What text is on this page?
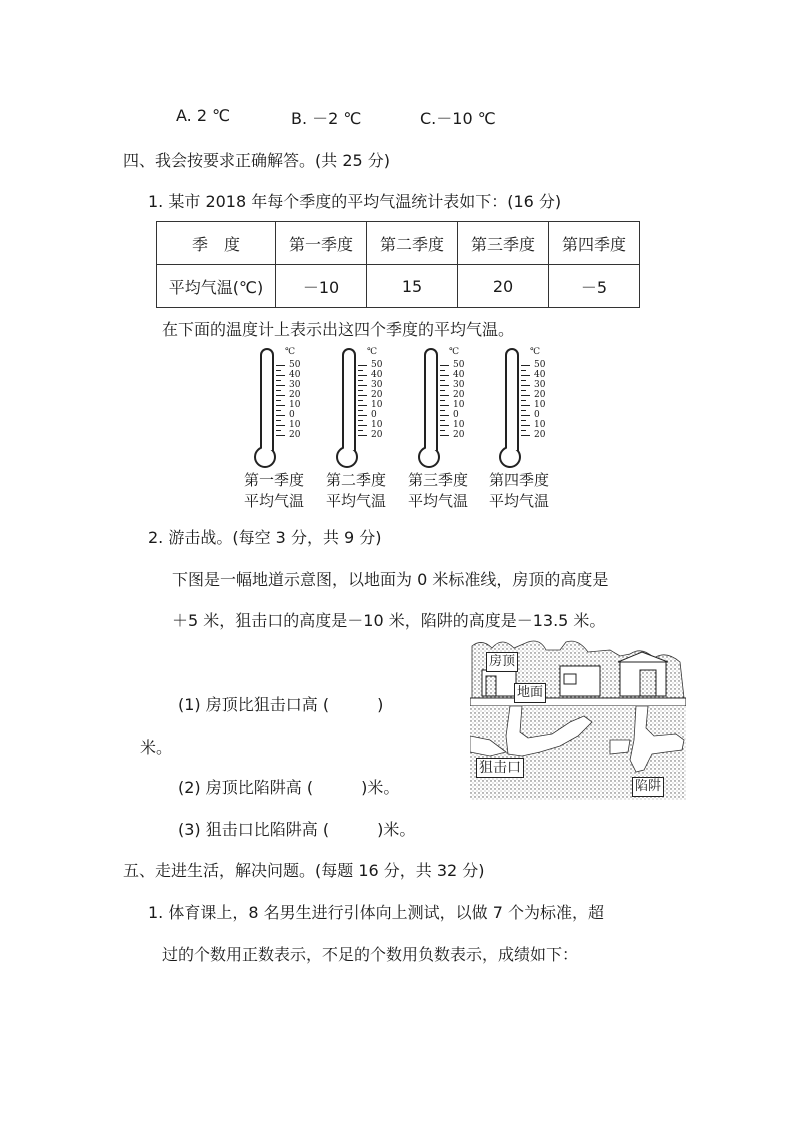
A. 2 ℃	B. －2 ℃	C.－10 ℃
四、我会按要求正确解答。(共 25 分)
1. 某市 2018 年每个季度的平均气温统计表如下：(16 分)
季　度	第一季度	第二季度	第三季度	第四季度
平均气温(℃)	－10	15	20	－5
在下面的温度计上表示出这四个季度的平均气温。
℃
50
40
30
20
10
0
10
20
℃
50
40
30
20
10
0
10
20
℃
50
40
30
20
10
0
10
20
℃
50
40
30
20
10
0
10
20
第一季度
平均气温
第二季度
平均气温
第三季度
平均气温
第四季度
平均气温
2. 游击战。(每空 3 分，共 9 分)
下图是一幅地道示意图，以地面为 0 米标准线，房顶的高度是
＋5 米，狙击口的高度是－10 米，陷阱的高度是－13.5 米。
(1) 房顶比狙击口高 (　　　)
米。
(2) 房顶比陷阱高 (　　　)米。
(3) 狙击口比陷阱高 (　　　)米。
房顶
地面
狙击口
陷阱
五、走进生活，解决问题。(每题 16 分，共 32 分)
1. 体育课上，8 名男生进行引体向上测试，以做 7 个为标准，超
过的个数用正数表示，不足的个数用负数表示，成绩如下：
